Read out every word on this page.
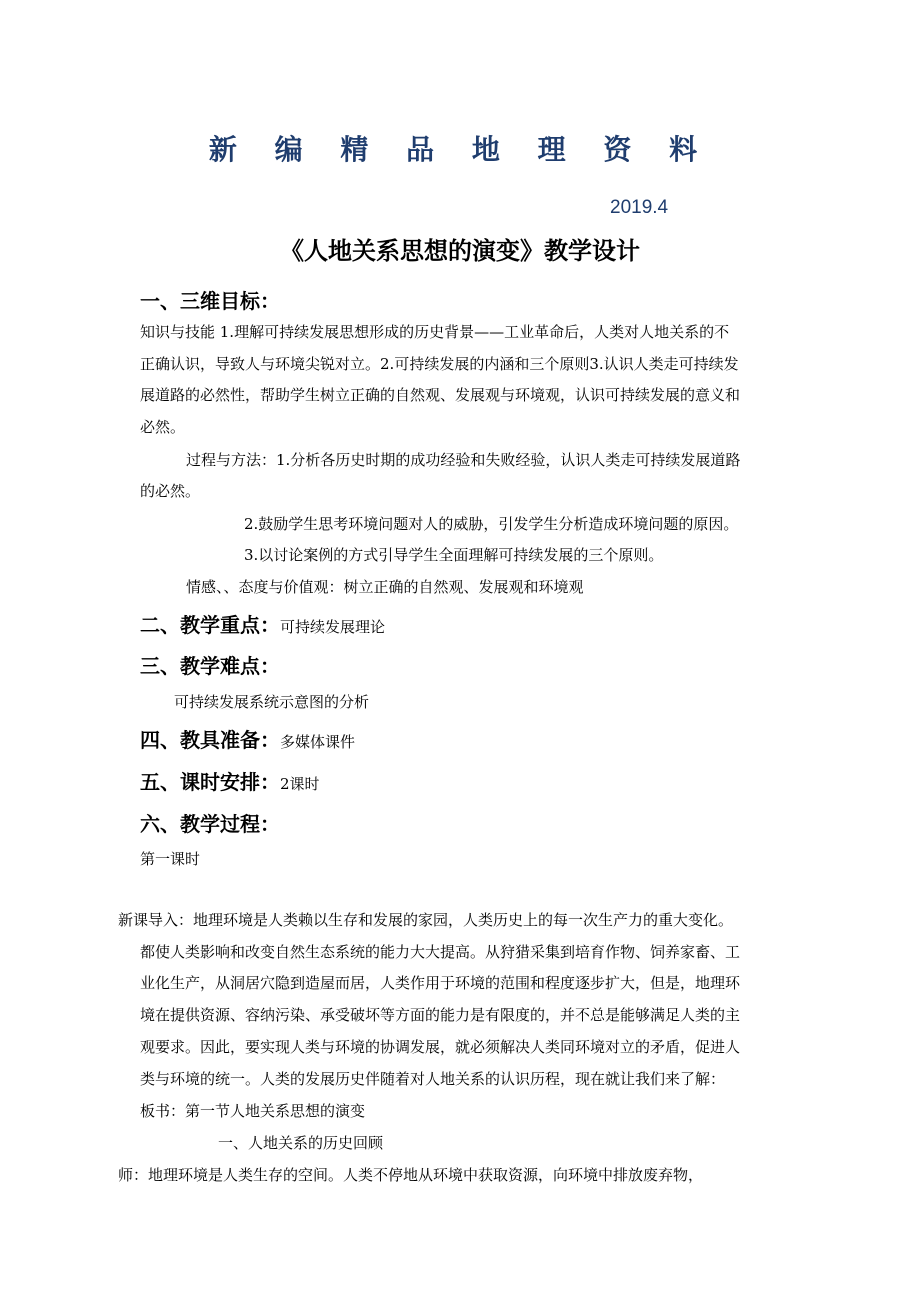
新 编 精 品 地 理 资 料
2019.4
《人地关系思想的演变》教学设计
一、三维目标：
知识与技能 1.理解可持续发展思想形成的历史背景——工业革命后，人类对人地关系的不
正确认识，导致人与环境尖锐对立。2.可持续发展的内涵和三个原则3.认识人类走可持续发
展道路的必然性，帮助学生树立正确的自然观、发展观与环境观，认识可持续发展的意义和
必然。
过程与方法：1.分析各历史时期的成功经验和失败经验，认识人类走可持续发展道路
的必然。
2.鼓励学生思考环境问题对人的威胁，引发学生分析造成环境问题的原因。
3.以讨论案例的方式引导学生全面理解可持续发展的三个原则。
情感、、态度与价值观：树立正确的自然观、发展观和环境观
二、教学重点：可持续发展理论
三、教学难点：
可持续发展系统示意图的分析
四、教具准备：多媒体课件
五、课时安排：2课时
六、教学过程：
第一课时
新课导入：地理环境是人类赖以生存和发展的家园，人类历史上的每一次生产力的重大变化。
都使人类影响和改变自然生态系统的能力大大提高。从狩猎采集到培育作物、饲养家畜、工
业化生产，从洞居穴隐到造屋而居，人类作用于环境的范围和程度逐步扩大，但是，地理环
境在提供资源、容纳污染、承受破坏等方面的能力是有限度的，并不总是能够满足人类的主
观要求。因此，要实现人类与环境的协调发展，就必须解决人类同环境对立的矛盾，促进人
类与环境的统一。人类的发展历史伴随着对人地关系的认识历程，现在就让我们来了解：
板书：第一节人地关系思想的演变
一、人地关系的历史回顾
师：地理环境是人类生存的空间。人类不停地从环境中获取资源，向环境中排放废弃物，
